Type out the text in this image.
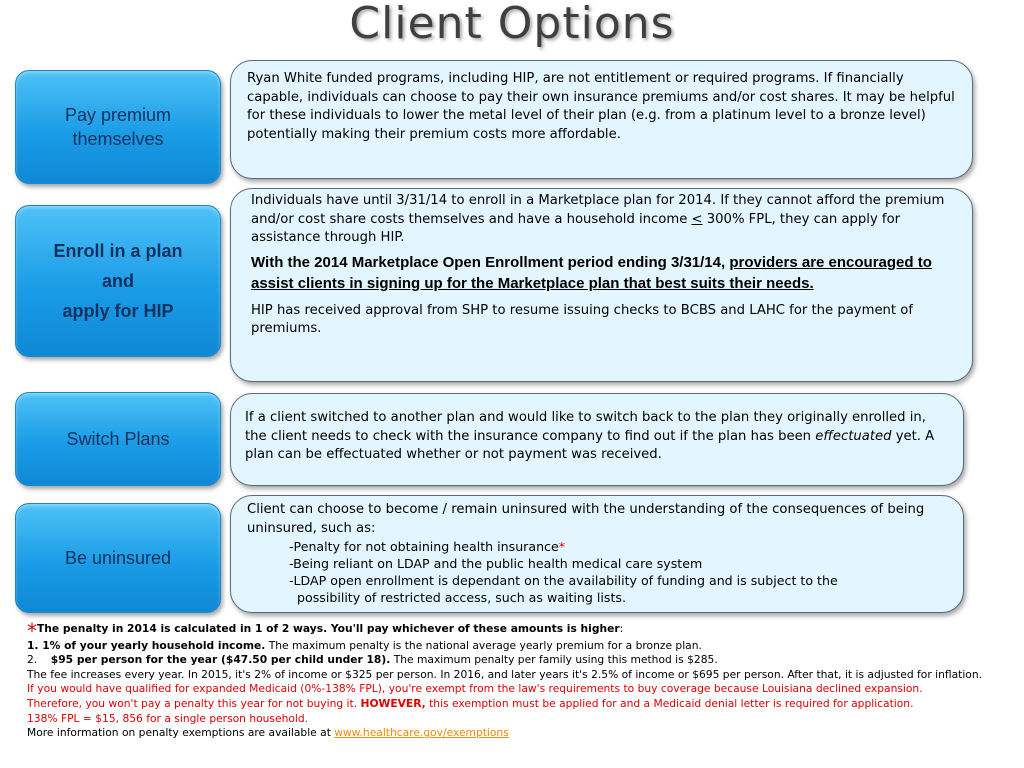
Client Options
Pay premium
themselves
Enroll in a plan
and
apply for HIP
Switch Plans
Be uninsured

Ryan White funded programs, including HIP, are not entitlement or required programs. If financially capable, individuals can choose to pay their own insurance premiums and/or cost shares. It may be helpful for these individuals to lower the metal level of their plan (e.g. from a platinum level to a bronze level) potentially making their premium costs more affordable.

Individuals have until 3/31/14 to enroll in a Marketplace plan for 2014. If they cannot afford the premium and/or cost share costs themselves and have a household income ≤ 300% FPL, they can apply for assistance through HIP.

With the 2014 Marketplace Open Enrollment period ending 3/31/14, providers are encouraged to assist clients in signing up for the Marketplace plan that best suits their needs.

HIP has received approval from SHP to resume issuing checks to BCBS and LAHC for the payment of premiums.

If a client switched to another plan and would like to switch back to the plan they originally enrolled in, the client needs to check with the insurance company to find out if the plan has been effectuated yet. A plan can be effectuated whether or not payment was received.

Client can choose to become / remain uninsured with the understanding of the consequences of being uninsured, such as:

-Penalty for not obtaining health insurance*
-Being reliant on LDAP and the public health medical care system
-LDAP open enrollment is dependant on the availability of funding and is subject to the
possibility of restricted access, such as waiting lists.
*The penalty in 2014 is calculated in 1 of 2 ways. You'll pay whichever of these amounts is higher:
1. 1% of your yearly household income. The maximum penalty is the national average yearly premium for a bronze plan.
2. $95 per person for the year ($47.50 per child under 18). The maximum penalty per family using this method is $285.
The fee increases every year. In 2015, it's 2% of income or $325 per person. In 2016, and later years it's 2.5% of income or $695 per person. After that, it is adjusted for inflation.
If you would have qualified for expanded Medicaid (0%-138% FPL), you're exempt from the law's requirements to buy coverage because Louisiana declined expansion.
Therefore, you won't pay a penalty this year for not buying it. HOWEVER, this exemption must be applied for and a Medicaid denial letter is required for application.
138% FPL = $15, 856 for a single person household.
More information on penalty exemptions are available at www.healthcare.gov/exemptions
